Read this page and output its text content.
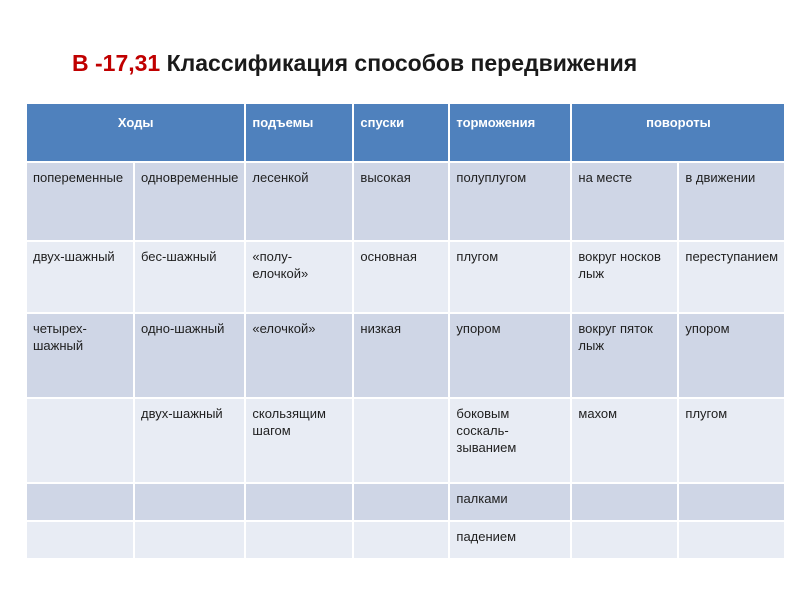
В -17,31 Классификация способов передвижения
Ходы		подъемы	спуски	торможения	повороты	
попеременные	одновременные	лесенкой	высокая	полуплугом	на месте	в движении
двух-шажный	бес-шажный	«полу-елочкой»	основная	плугом	вокруг носков лыж	переступанием
четырех-шажный	одно-шажный	«елочкой»	низкая	упором	вокруг пяток лыж	упором
	двух-шажный	скользящим шагом		боковым соскаль-зыванием	махом	плугом
				палками		
				падением		
